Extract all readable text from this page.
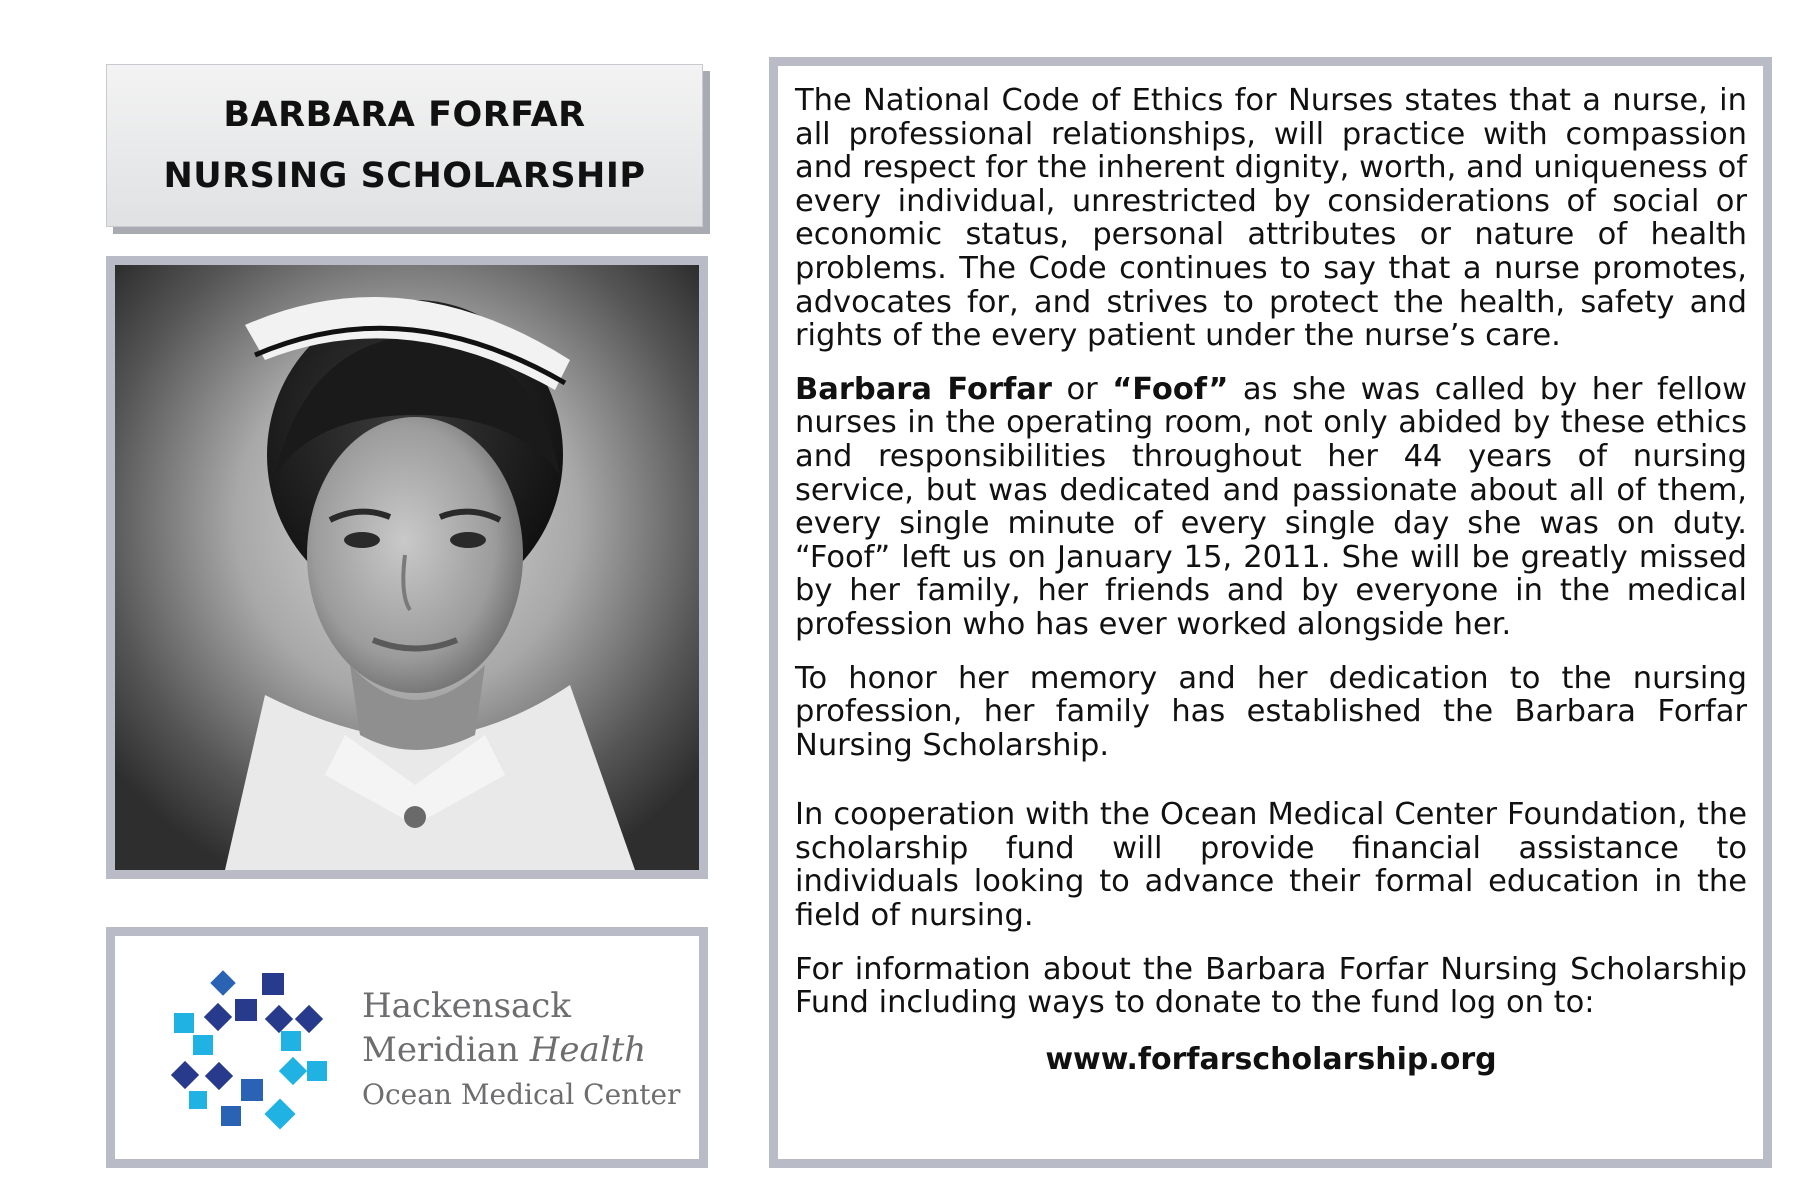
BARBARA FORFAR
NURSING SCHOLARSHIP
Hackensack
Meridian Health
Ocean Medical Center

The National Code of Ethics for Nurses states that a nurse, in all professional relationships, will practice with compassion and respect for the inherent dignity, worth, and uniqueness of every individual, unrestricted by considerations of social or economic status, personal attributes or nature of health problems. The Code continues to say that a nurse promotes, advocates for, and strives to protect the health, safety and rights of the every patient under the nurse’s care.

Barbara Forfar or “Foof” as she was called by her fellow nurses in the operating room, not only abided by these ethics and responsibilities throughout her 44 years of nursing service, but was dedicated and passionate about all of them, every single minute of every single day she was on duty. “Foof” left us on January 15, 2011. She will be greatly missed by her family, her friends and by everyone in the medical profession who has ever worked alongside her.

To honor her memory and her dedication to the nursing profession, her family has established the Barbara Forfar Nursing Scholarship.

In cooperation with the Ocean Medical Center Foundation, the scholarship fund will provide financial assistance to individuals looking to advance their formal education in the field of nursing.

For information about the Barbara Forfar Nursing Scholarship Fund including ways to donate to the fund log on to:

www.forfarscholarship.org
